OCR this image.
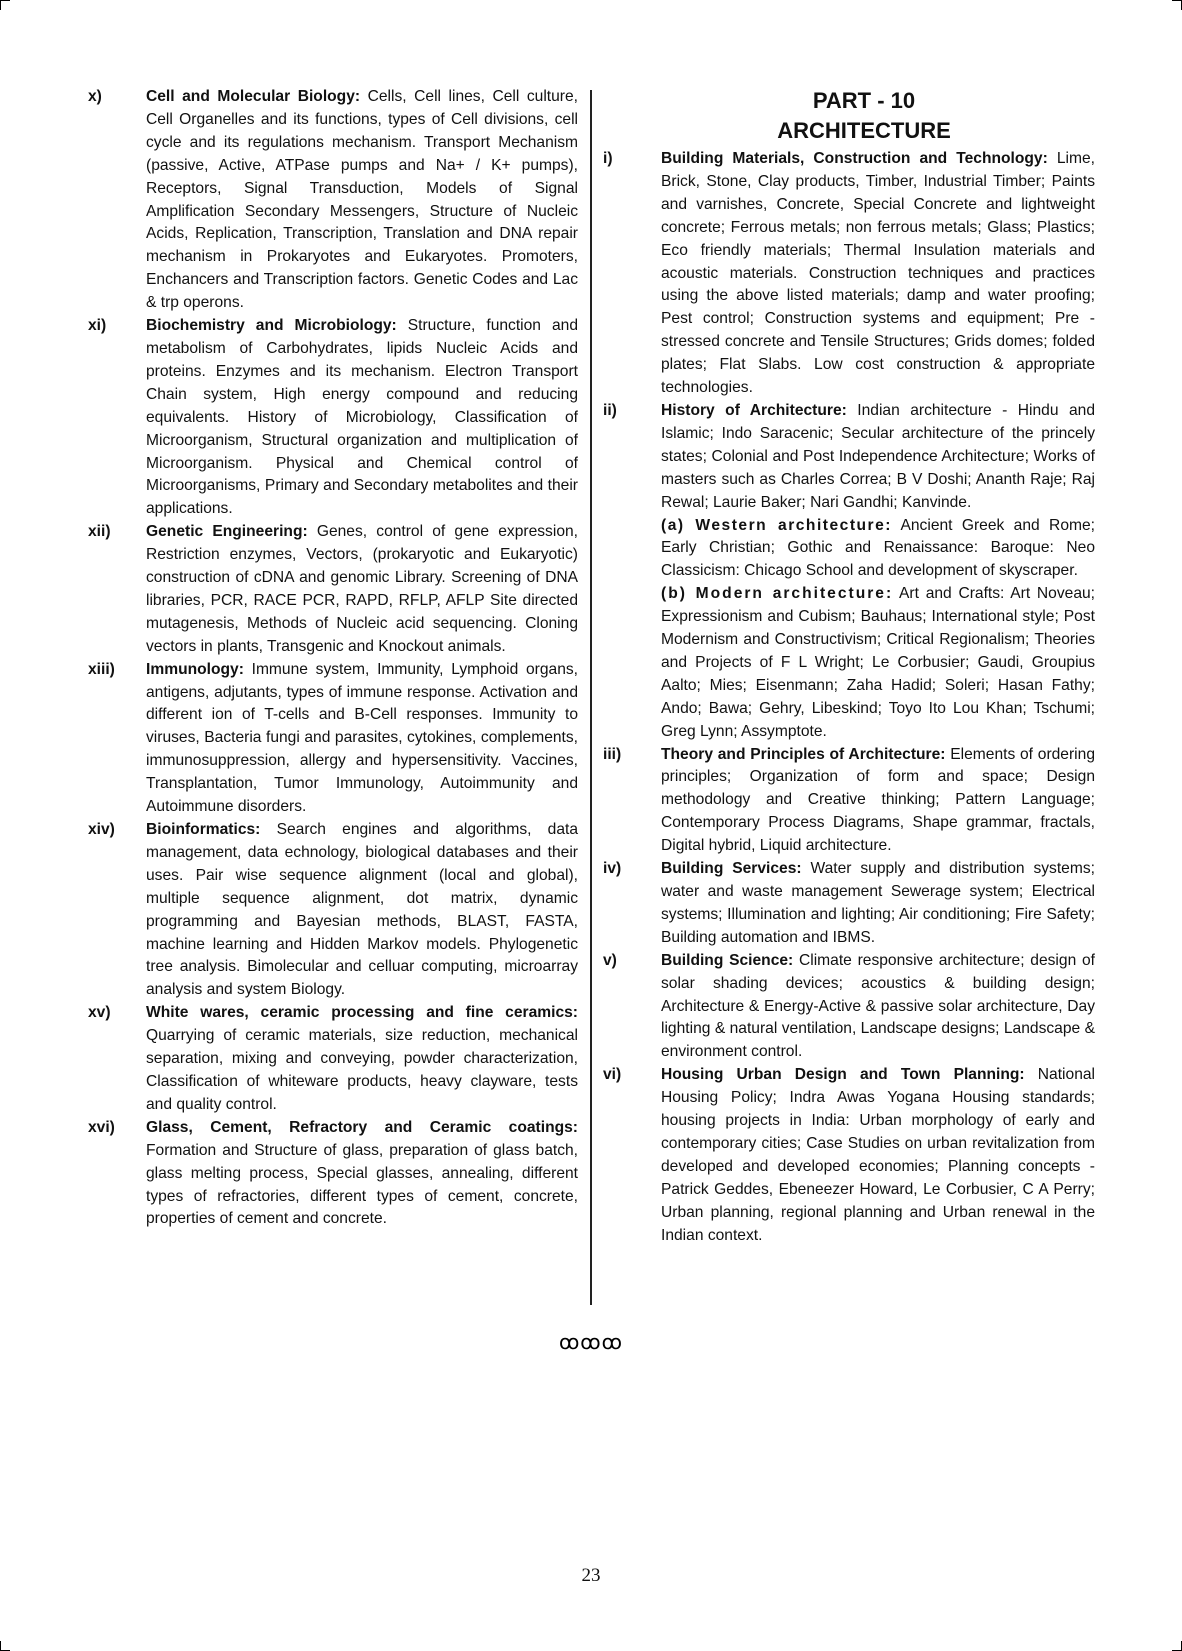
x)	Cell and Molecular Biology: Cells, Cell lines, Cell culture, Cell Organelles and its functions, types of Cell divisions, cell cycle and its regulations mechanism. Transport Mechanism (passive, Active, ATPase pumps and Na+ / K+ pumps), Receptors, Signal Transduction, Models of Signal Amplification Secondary Messengers, Structure of Nucleic Acids, Replication, Transcription, Translation and DNA repair mechanism in Prokaryotes and Eukaryotes. Promoters, Enchancers and Transcription factors. Genetic Codes and Lac & trp operons.
xi)	Biochemistry and Microbiology: Structure, function and metabolism of Carbohydrates, lipids Nucleic Acids and proteins. Enzymes and its mechanism. Electron Transport Chain system, High energy compound and reducing equivalents. History of Microbiology, Classification of Microorganism, Structural organization and multiplication of Microorganism. Physical and Chemical control of Microorganisms, Primary and Secondary metabolites and their applications.
xii)	Genetic Engineering: Genes, control of gene expression, Restriction enzymes, Vectors, (prokaryotic and Eukaryotic) construction of cDNA and genomic Library. Screening of DNA libraries, PCR, RACE PCR, RAPD, RFLP, AFLP Site directed mutagenesis, Methods of Nucleic acid sequencing. Cloning vectors in plants, Transgenic and Knockout animals.
xiii)	Immunology: Immune system, Immunity, Lymphoid organs, antigens, adjutants, types of immune response. Activation and different ion of T-cells and B-Cell responses. Immunity to viruses, Bacteria fungi and parasites, cytokines, complements, immunosuppression, allergy and hypersensitivity. Vaccines, Transplantation, Tumor Immunology, Autoimmunity and Autoimmune disorders.
xiv)	Bioinformatics: Search engines and algorithms, data management, data echnology, biological databases and their uses. Pair wise sequence alignment (local and global), multiple sequence alignment, dot matrix, dynamic programming and Bayesian methods, BLAST, FASTA, machine learning and Hidden Markov models. Phylogenetic tree analysis. Bimolecular and celluar computing, microarray analysis and system Biology.
xv)	White wares, ceramic processing and fine ceramics: Quarrying of ceramic materials, size reduction, mechanical separation, mixing and conveying, powder characterization, Classification of whiteware products, heavy clayware, tests and quality control.
xvi)	Glass, Cement, Refractory and Ceramic coatings: Formation and Structure of glass, preparation of glass batch, glass melting process, Special glasses, annealing, different types of refractories, different types of cement, concrete, properties of cement and concrete.
PART - 10
ARCHITECTURE
i)	Building Materials, Construction and Technology: Lime, Brick, Stone, Clay products, Timber, Industrial Timber; Paints and varnishes, Concrete, Special Concrete and lightweight concrete; Ferrous metals; non ferrous metals; Glass; Plastics; Eco friendly materials; Thermal Insulation materials and acoustic materials. Construction techniques and practices using the above listed materials; damp and water proofing; Pest control; Construction systems and equipment; Pre - stressed concrete and Tensile Structures; Grids domes; folded plates; Flat Slabs. Low cost construction & appropriate technologies.
ii)	History of Architecture: Indian architecture - Hindu and Islamic; Indo Saracenic; Secular architecture of the princely states; Colonial and Post Independence Architecture; Works of masters such as Charles Correa; B V Doshi; Ananth Raje; Raj Rewal; Laurie Baker; Nari Gandhi; Kanvinde.
(a) Western architecture: Ancient Greek and Rome; Early Christian; Gothic and Renaissance: Baroque: Neo Classicism: Chicago School and development of skyscraper.
(b) Modern architecture: Art and Crafts: Art Noveau; Expressionism and Cubism; Bauhaus; International style; Post Modernism and Constructivism; Critical Regionalism; Theories and Projects of F L Wright; Le Corbusier; Gaudi, Groupius Aalto; Mies; Eisenmann; Zaha Hadid; Soleri; Hasan Fathy; Ando; Bawa; Gehry, Libeskind; Toyo Ito Lou Khan; Tschumi; Greg Lynn; Assymptote.
iii)	Theory and Principles of Architecture: Elements of ordering principles; Organization of form and space; Design methodology and Creative thinking; Pattern Language; Contemporary Process Diagrams, Shape grammar, fractals, Digital hybrid, Liquid architecture.
iv)	Building Services: Water supply and distribution systems; water and waste management Sewerage system; Electrical systems; Illumination and lighting; Air conditioning; Fire Safety; Building automation and IBMS.
v)	Building Science: Climate responsive architecture; design of solar shading devices; acoustics & building design; Architecture & Energy-Active & passive solar architecture, Day lighting & natural ventilation, Landscape designs; Landscape & environment control.
vi)	Housing Urban Design and Town Planning: National Housing Policy; Indra Awas Yogana Housing standards; housing projects in India: Urban morphology of early and contemporary cities; Case Studies on urban revitalization from developed and developed economies; Planning concepts - Patrick Geddes, Ebeneezer Howard, Le Corbusier, C A Perry; Urban planning, regional planning and Urban renewal in the Indian context.
ꝏꝏꝏ
23
